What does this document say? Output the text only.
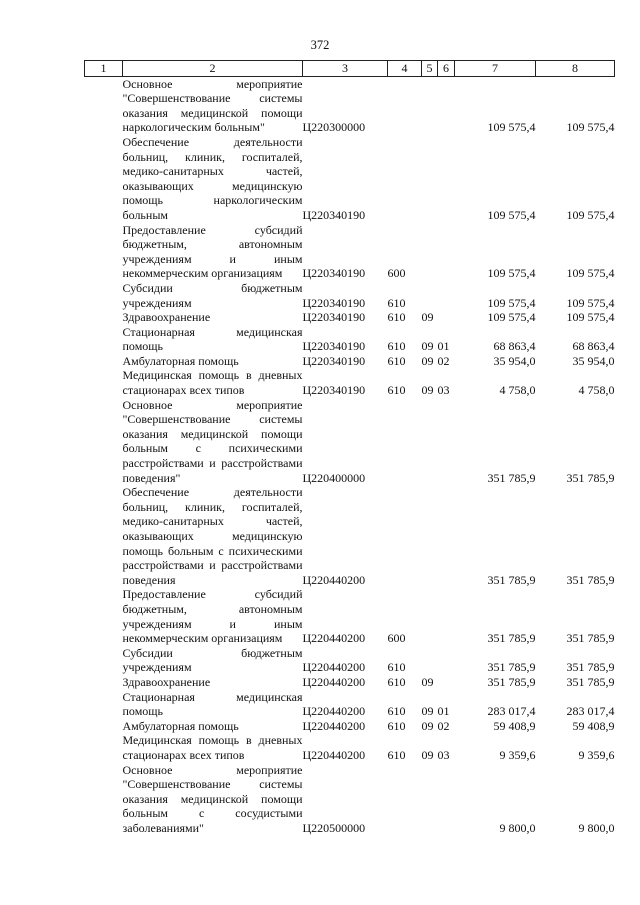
372
1	2	3	4	5	6	7	8
	Основное мероприятие "Совершенствование системы оказания медицинской помощи наркологическим больным"	Ц220300000				109 575,4	109 575,4
	Обеспечение деятельности больниц, клиник, госпиталей, медико-санитарных частей, оказывающих медицинскую помощь наркологическим больным	Ц220340190				109 575,4	109 575,4
	Предоставление субсидий бюджетным, автономным учреждениям и иным некоммерческим организациям	Ц220340190	600			109 575,4	109 575,4
	Субсидии бюджетным учреждениям	Ц220340190	610			109 575,4	109 575,4
	Здравоохранение	Ц220340190	610	09		109 575,4	109 575,4
	Стационарная медицинская помощь	Ц220340190	610	09	01	68 863,4	68 863,4
	Амбулаторная помощь	Ц220340190	610	09	02	35 954,0	35 954,0
	Медицинская помощь в дневных стационарах всех типов	Ц220340190	610	09	03	4 758,0	4 758,0
	Основное мероприятие "Совершенствование системы оказания медицинской помощи больным с психическими расстройствами и расстройствами поведения"	Ц220400000				351 785,9	351 785,9
	Обеспечение деятельности больниц, клиник, госпиталей, медико-санитарных частей, оказывающих медицинскую помощь больным с психическими расстройствами и расстройствами поведения	Ц220440200				351 785,9	351 785,9
	Предоставление субсидий бюджетным, автономным учреждениям и иным некоммерческим организациям	Ц220440200	600			351 785,9	351 785,9
	Субсидии бюджетным учреждениям	Ц220440200	610			351 785,9	351 785,9
	Здравоохранение	Ц220440200	610	09		351 785,9	351 785,9
	Стационарная медицинская помощь	Ц220440200	610	09	01	283 017,4	283 017,4
	Амбулаторная помощь	Ц220440200	610	09	02	59 408,9	59 408,9
	Медицинская помощь в дневных стационарах всех типов	Ц220440200	610	09	03	9 359,6	9 359,6
	Основное мероприятие "Совершенствование системы оказания медицинской помощи больным с сосудистыми заболеваниями"	Ц220500000				9 800,0	9 800,0
